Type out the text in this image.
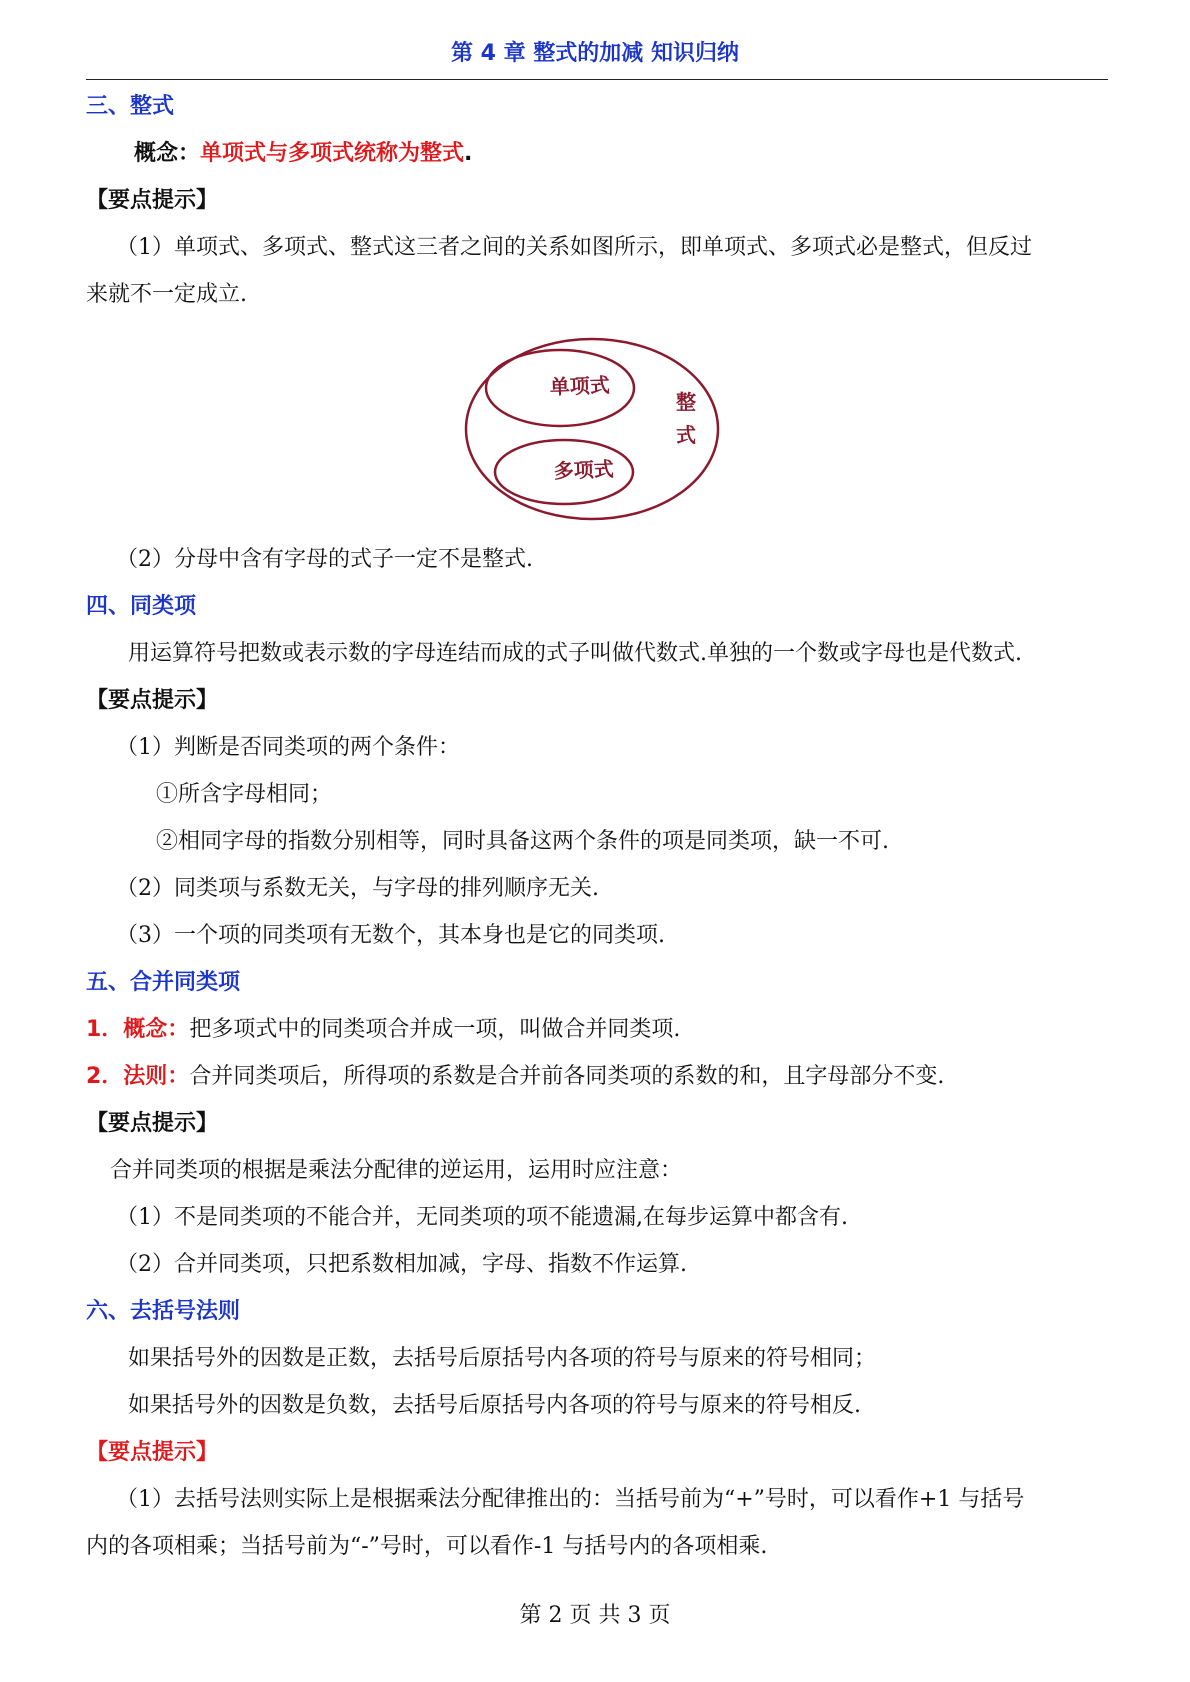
第 4 章 整式的加减 知识归纳
三、整式
概念：单项式与多项式统称为整式.
【要点提示】
（1）单项式、多项式、整式这三者之间的关系如图所示，即单项式、多项式必是整式，但反过
来就不一定成立.
单项式
多项式
整
式
（2）分母中含有字母的式子一定不是整式.
四、同类项
用运算符号把数或表示数的字母连结而成的式子叫做代数式.单独的一个数或字母也是代数式.
【要点提示】
（1）判断是否同类项的两个条件：
①所含字母相同；
②相同字母的指数分别相等，同时具备这两个条件的项是同类项，缺一不可.
（2）同类项与系数无关，与字母的排列顺序无关.
（3）一个项的同类项有无数个，其本身也是它的同类项.
五、合并同类项
1．概念：把多项式中的同类项合并成一项，叫做合并同类项.
2．法则：合并同类项后，所得项的系数是合并前各同类项的系数的和，且字母部分不变.
【要点提示】
合并同类项的根据是乘法分配律的逆运用，运用时应注意：
（1）不是同类项的不能合并，无同类项的项不能遗漏,在每步运算中都含有.
（2）合并同类项，只把系数相加减，字母、指数不作运算.
六、去括号法则
如果括号外的因数是正数，去括号后原括号内各项的符号与原来的符号相同；
如果括号外的因数是负数，去括号后原括号内各项的符号与原来的符号相反.
【要点提示】
（1）去括号法则实际上是根据乘法分配律推出的：当括号前为“+”号时，可以看作+1 与括号
内的各项相乘；当括号前为“-”号时，可以看作-1 与括号内的各项相乘.
第 2 页 共 3 页
